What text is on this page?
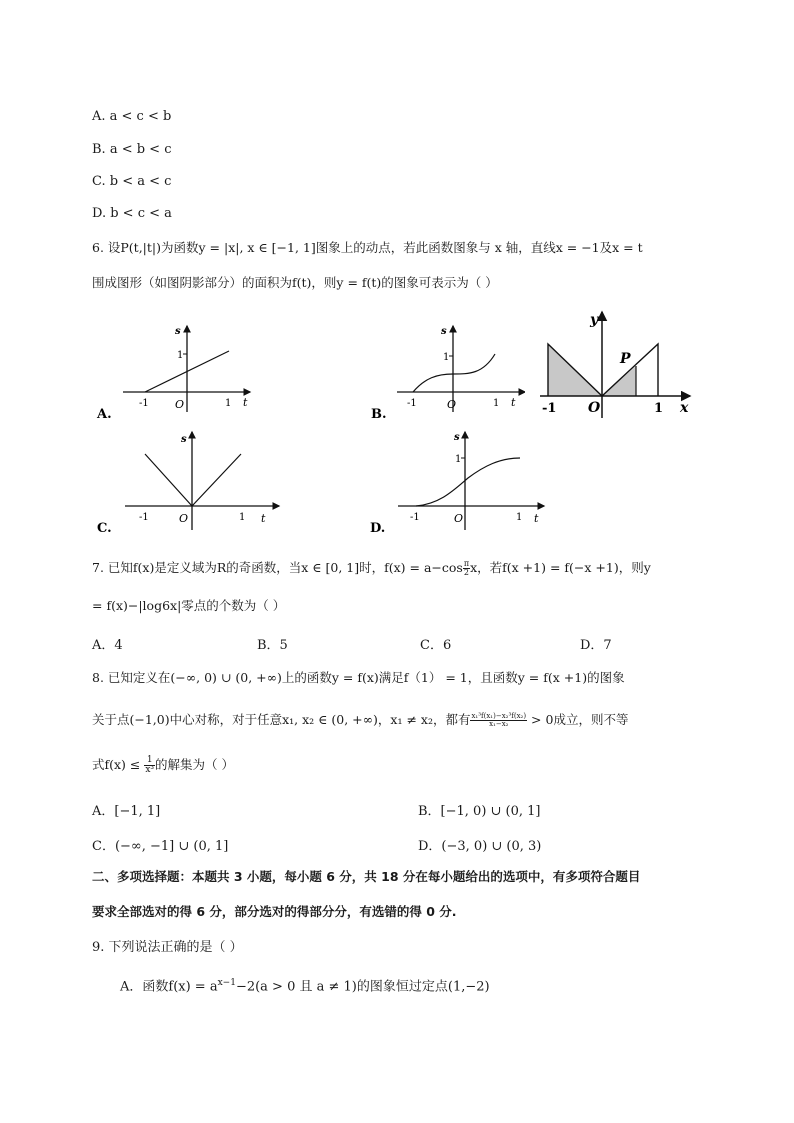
A. a < c < b
B. a < b < c
C. b < a < c
D. b < c < a
6. 设P(t,|t|)为函数y = |x|, x ∈ [−1, 1]图象上的动点，若此函数图象与 x 轴，直线x = −1及x = t
围成图形（如图阴影部分）的面积为f(t)，则y = f(t)的图象可表示为（ ）
s
1
-1 O	1 t
A.
s
1
-1	O	1 t
B.
y
P
-1 O	1 x
s
-1	O	1 t
C.
s
1
-1	O	1 t
D.
7. 已知f(x)是定义域为R的奇函数，当x ∈ [0, 1]时，$f(x) = a-\cos \frac{\pi}{2}$ x，若f(x +1) = f(−x +1)，则y
= f(x)−|log6x|零点的个数为（ ）
A．4	B．5	C．6	D．7
8. 已知定义在(−∞, 0) ∪ (0, +∞)上的函数y = f(x)满足f（1） = 1，且函数y = f(x +1)的图象
关于点(−1,0)中心对称，对于任意x₁, x₂ ∈ (0, +∞)，x₁ ≠ x₂，都有 $\frac{\text{x₁³f(x₁)−x₂³f(x₂)}}{\text{x₁−x₂}} > 0$成立，则不等
式$f(x) \le \frac{1}{\text{x³}}$ 的解集为（ ）
A．[−1, 1]	B．[−1, 0) ∪ (0, 1]
C．(−∞, −1] ∪ (0, 1]	D．(−3, 0) ∪ (0, 3)
二、多项选择题：本题共 3 小题，每小题 6 分，共 18 分在每小题给出的选项中，有多项符合题目
要求全部选对的得 6 分，部分选对的得部分分，有选错的得 0 分.
9. 下列说法正确的是（ ）
A．函数$f(x) = a^{x-1}-2(a > 0$ 且 a ≠ 1)的图象恒过定点(1,−2)
